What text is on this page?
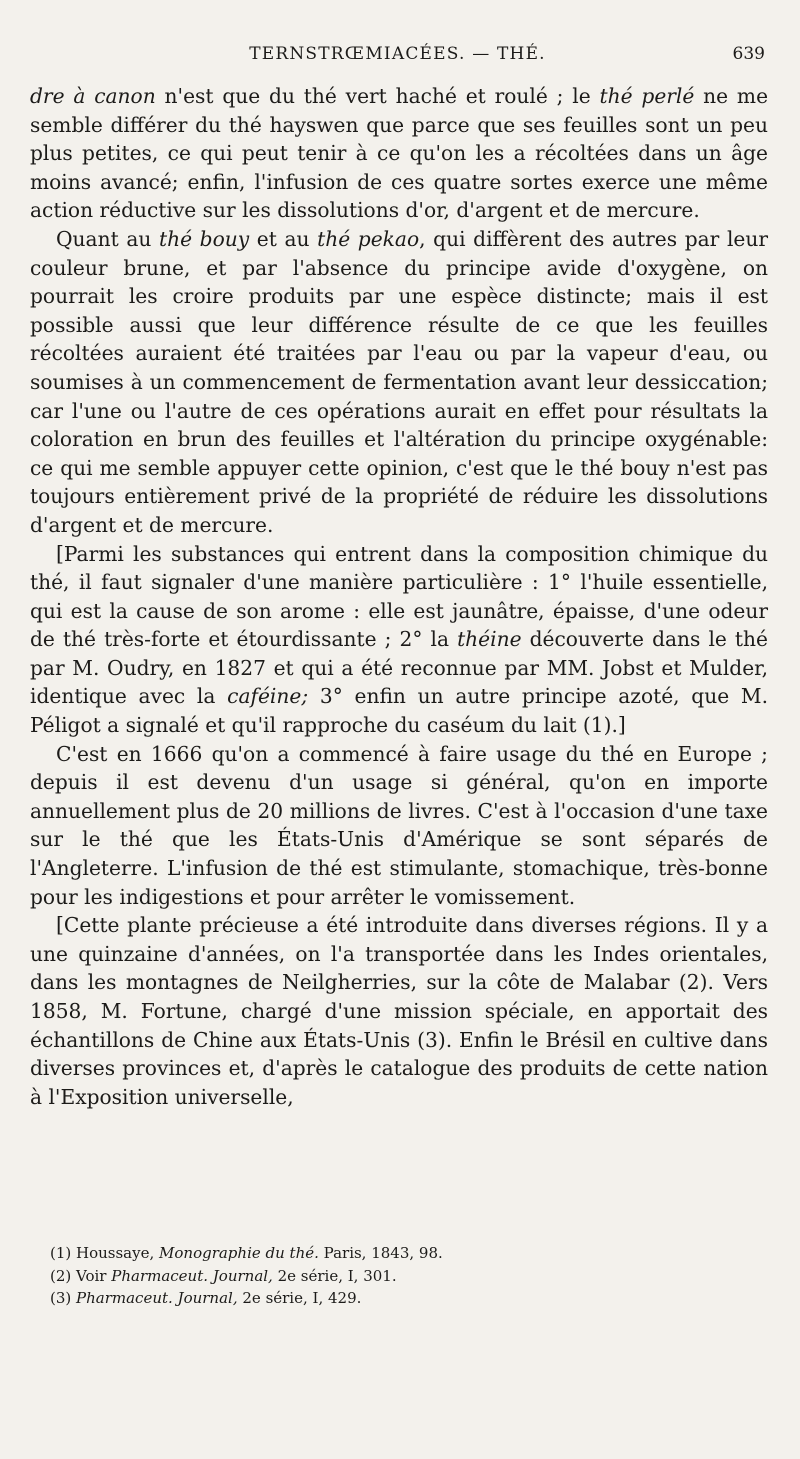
TERNSTRŒMIACÉES. — THÉ.	639

dre à canon n'est que du thé vert haché et roulé ; le thé perlé ne me semble différer du thé hayswen que parce que ses feuilles sont un peu plus petites, ce qui peut tenir à ce qu'on les a récoltées dans un âge moins avancé; enfin, l'infusion de ces quatre sortes exerce une même action réductive sur les dissolutions d'or, d'argent et de mercure.

Quant au thé bouy et au thé pekao, qui diffèrent des autres par leur couleur brune, et par l'absence du principe avide d'oxygène, on pourrait les croire produits par une espèce distincte; mais il est possible aussi que leur différence résulte de ce que les feuilles récoltées auraient été traitées par l'eau ou par la vapeur d'eau, ou soumises à un commencement de fermentation avant leur dessiccation; car l'une ou l'autre de ces opérations aurait en effet pour résultats la coloration en brun des feuilles et l'altération du principe oxygénable: ce qui me semble appuyer cette opinion, c'est que le thé bouy n'est pas toujours entièrement privé de la propriété de réduire les dissolutions d'argent et de mercure.

[Parmi les substances qui entrent dans la composition chimique du thé, il faut signaler d'une manière particulière : 1° l'huile essentielle, qui est la cause de son arome : elle est jaunâtre, épaisse, d'une odeur de thé très-forte et étourdissante ; 2° la théine découverte dans le thé par M. Oudry, en 1827 et qui a été reconnue par MM. Jobst et Mulder, identique avec la caféine; 3° enfin un autre principe azoté, que M. Péligot a signalé et qu'il rapproche du caséum du lait (1).]

C'est en 1666 qu'on a commencé à faire usage du thé en Europe ; depuis il est devenu d'un usage si général, qu'on en importe annuellement plus de 20 millions de livres. C'est à l'occasion d'une taxe sur le thé que les États-Unis d'Amérique se sont séparés de l'Angleterre. L'infusion de thé est stimulante, stomachique, très-bonne pour les indigestions et pour arrêter le vomissement.

[Cette plante précieuse a été introduite dans diverses régions. Il y a une quinzaine d'années, on l'a transportée dans les Indes orientales, dans les montagnes de Neilgherries, sur la côte de Malabar (2). Vers 1858, M. Fortune, chargé d'une mission spéciale, en apportait des échantillons de Chine aux États-Unis (3). Enfin le Brésil en cultive dans diverses provinces et, d'après le catalogue des produits de cette nation à l'Exposition universelle,

(1) Houssaye, Monographie du thé. Paris, 1843, 98.
(2) Voir Pharmaceut. Journal, 2e série, I, 301.
(3) Pharmaceut. Journal, 2e série, I, 429.
